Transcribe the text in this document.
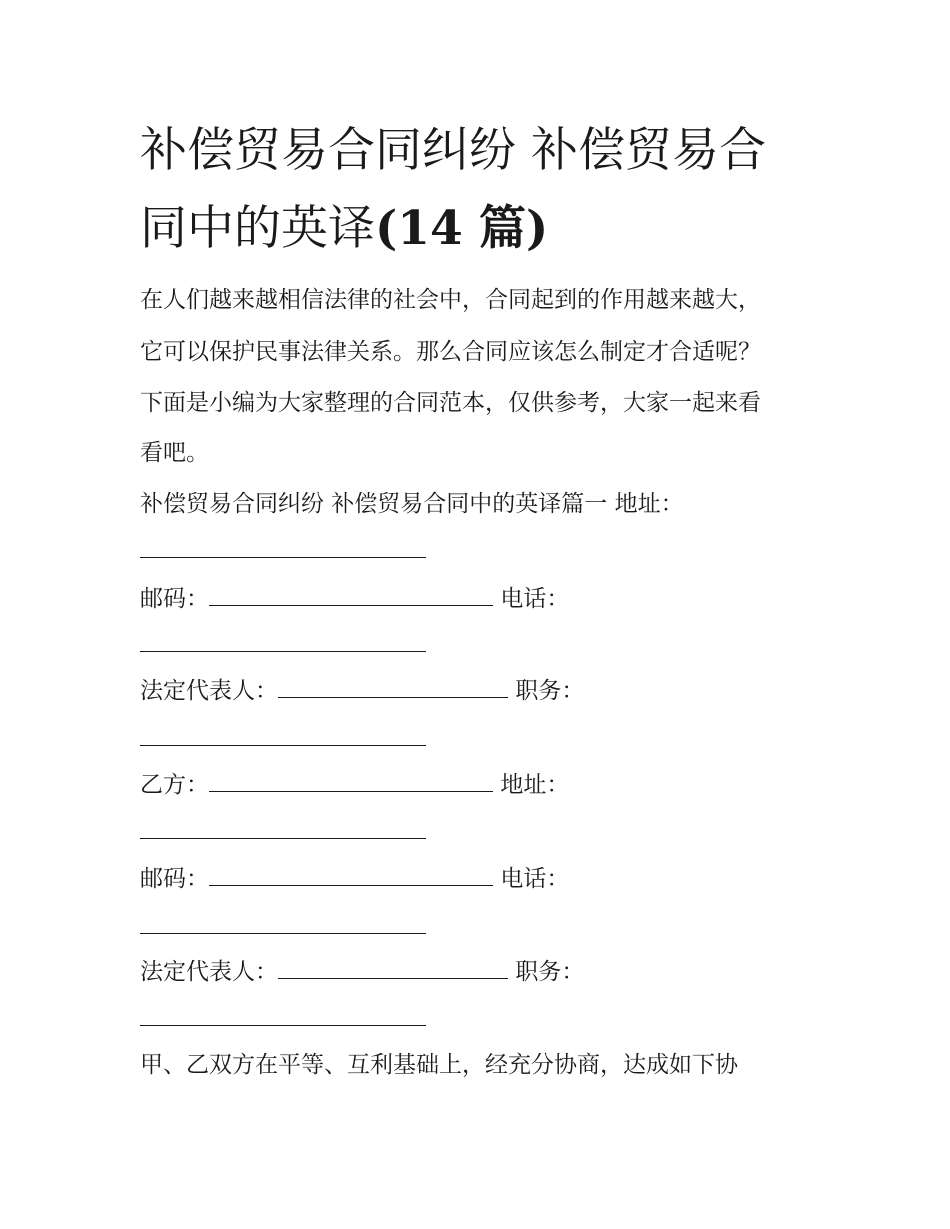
补偿贸易合同纠纷 补偿贸易合
同中的英译(14 篇)
在人们越来越相信法律的社会中，合同起到的作用越来越大，
它可以保护民事法律关系。那么合同应该怎么制定才合适呢？
下面是小编为大家整理的合同范本，仅供参考，大家一起来看
看吧。
补偿贸易合同纠纷 补偿贸易合同中的英译篇一 地址：
邮码：	电话：
法定代表人：	职务：
乙方：	地址：
邮码：	电话：
法定代表人：	职务：
甲、乙双方在平等、互利基础上，经充分协商，达成如下协
